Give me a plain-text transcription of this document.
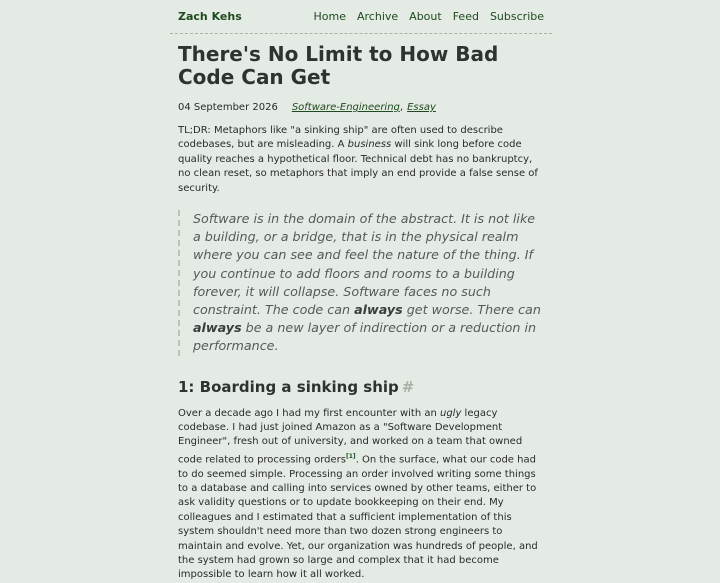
Zach Kehs	Home Archive About Feed Subscribe
There's No Limit to How Bad Code Can Get
04 September 2026 Software-Engineering , Essay

TL;DR: Metaphors like "a sinking ship" are often used to describe codebases, but are misleading. A business will sink long before code quality reaches a hypothetical floor. Technical debt has no bankruptcy, no clean reset, so metaphors that imply an end provide a false sense of security.

Software is in the domain of the abstract. It is not like a building, or a bridge, that is in the physical realm where you can see and feel the nature of the thing. If you continue to add floors and rooms to a building forever, it will collapse. Software faces no such constraint. The code can always get worse. There can always be a new layer of indirection or a reduction in performance.
1: Boarding a sinking ship #

Over a decade ago I had my first encounter with an ugly legacy codebase. I had just joined Amazon as a "Software Development Engineer", fresh out of university, and worked on a team that owned code related to processing orders[1]. On the surface, what our code had to do seemed simple. Processing an order involved writing some things to a database and calling into services owned by other teams, either to ask validity questions or to update bookkeeping on their end. My colleagues and I estimated that a sufficient implementation of this system shouldn't need more than two dozen strong engineers to maintain and evolve. Yet, our organization was hundreds of people, and the system had grown so large and complex that it had become impossible to learn how it all worked.
